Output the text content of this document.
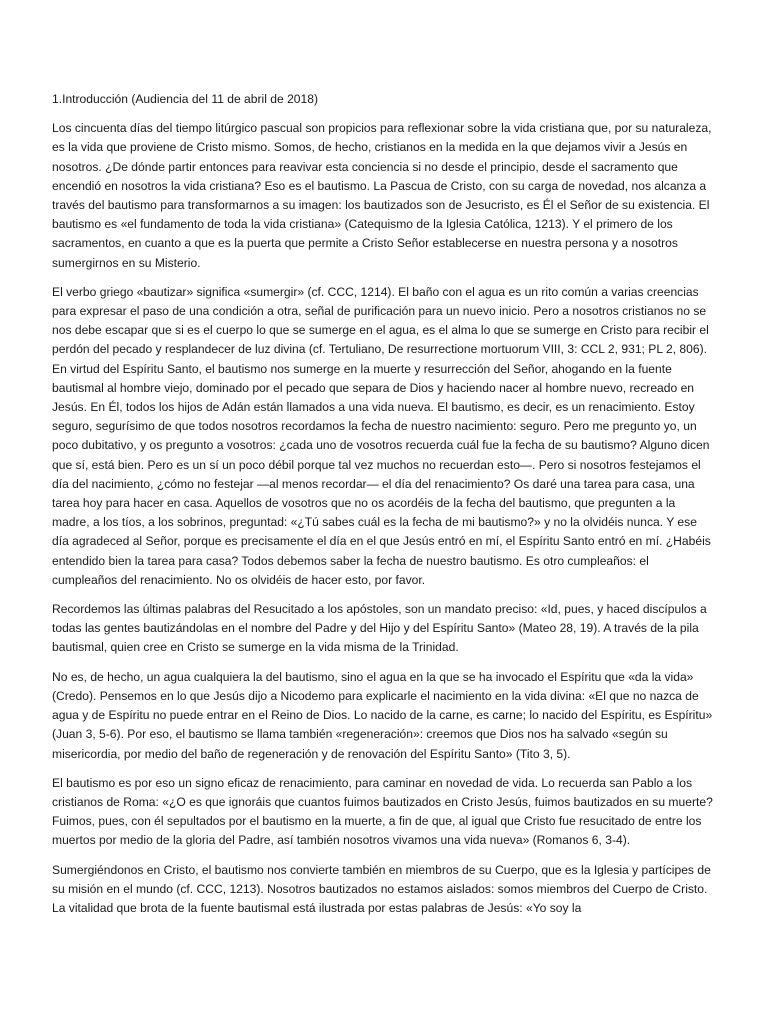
1.Introducción (Audiencia del 11 de abril de 2018)

Los cincuenta días del tiempo litúrgico pascual son propicios para reflexionar sobre la vida cristiana que, por su naturaleza, es la vida que proviene de Cristo mismo. Somos, de hecho, cristianos en la medida en la que dejamos vivir a Jesús en nosotros. ¿De dónde partir entonces para reavivar esta conciencia si no desde el principio, desde el sacramento que encendió en nosotros la vida cristiana? Eso es el bautismo. La Pascua de Cristo, con su carga de novedad, nos alcanza a través del bautismo para transformarnos a su imagen: los bautizados son de Jesucristo, es Él el Señor de su existencia. El bautismo es «el fundamento de toda la vida cristiana» (Catequismo de la Iglesia Católica, 1213). Y el primero de los sacramentos, en cuanto a que es la puerta que permite a Cristo Señor establecerse en nuestra persona y a nosotros sumergirnos en su Misterio.

El verbo griego «bautizar» significa «sumergir» (cf. CCC, 1214). El baño con el agua es un rito común a varias creencias para expresar el paso de una condición a otra, señal de purificación para un nuevo inicio. Pero a nosotros cristianos no se nos debe escapar que si es el cuerpo lo que se sumerge en el agua, es el alma lo que se sumerge en Cristo para recibir el perdón del pecado y resplandecer de luz divina (cf. Tertuliano, De resurrectione mortuorum VIII, 3: CCL 2, 931; PL 2, 806). En virtud del Espíritu Santo, el bautismo nos sumerge en la muerte y resurrección del Señor, ahogando en la fuente bautismal al hombre viejo, dominado por el pecado que separa de Dios y haciendo nacer al hombre nuevo, recreado en Jesús. En Él, todos los hijos de Adán están llamados a una vida nueva. El bautismo, es decir, es un renacimiento. Estoy seguro, segurísimo de que todos nosotros recordamos la fecha de nuestro nacimiento: seguro. Pero me pregunto yo, un poco dubitativo, y os pregunto a vosotros: ¿cada uno de vosotros recuerda cuál fue la fecha de su bautismo? Alguno dicen que sí, está bien. Pero es un sí un poco débil porque tal vez muchos no recuerdan esto—. Pero si nosotros festejamos el día del nacimiento, ¿cómo no festejar —al menos recordar— el día del renacimiento? Os daré una tarea para casa, una tarea hoy para hacer en casa. Aquellos de vosotros que no os acordéis de la fecha del bautismo, que pregunten a la madre, a los tíos, a los sobrinos, preguntad: «¿Tú sabes cuál es la fecha de mi bautismo?» y no la olvidéis nunca. Y ese día agradeced al Señor, porque es precisamente el día en el que Jesús entró en mí, el Espíritu Santo entró en mí. ¿Habéis entendido bien la tarea para casa? Todos debemos saber la fecha de nuestro bautismo. Es otro cumpleaños: el cumpleaños del renacimiento. No os olvidéis de hacer esto, por favor.

Recordemos las últimas palabras del Resucitado a los apóstoles, son un mandato preciso: «Id, pues, y haced discípulos a todas las gentes bautizándolas en el nombre del Padre y del Hijo y del Espíritu Santo» (Mateo 28, 19). A través de la pila bautismal, quien cree en Cristo se sumerge en la vida misma de la Trinidad.

No es, de hecho, un agua cualquiera la del bautismo, sino el agua en la que se ha invocado el Espíritu que «da la vida» (Credo). Pensemos en lo que Jesús dijo a Nicodemo para explicarle el nacimiento en la vida divina: «El que no nazca de agua y de Espíritu no puede entrar en el Reino de Dios. Lo nacido de la carne, es carne; lo nacido del Espíritu, es Espíritu» (Juan 3, 5-6). Por eso, el bautismo se llama también «regeneración»: creemos que Dios nos ha salvado «según su misericordia, por medio del baño de regeneración y de renovación del Espíritu Santo» (Tito 3, 5).

El bautismo es por eso un signo eficaz de renacimiento, para caminar en novedad de vida. Lo recuerda san Pablo a los cristianos de Roma: «¿O es que ignoráis que cuantos fuimos bautizados en Cristo Jesús, fuimos bautizados en su muerte? Fuimos, pues, con él sepultados por el bautismo en la muerte, a fin de que, al igual que Cristo fue resucitado de entre los muertos por medio de la gloria del Padre, así también nosotros vivamos una vida nueva» (Romanos 6, 3-4).

Sumergiéndonos en Cristo, el bautismo nos convierte también en miembros de su Cuerpo, que es la Iglesia y partícipes de su misión en el mundo (cf. CCC, 1213). Nosotros bautizados no estamos aislados: somos miembros del Cuerpo de Cristo. La vitalidad que brota de la fuente bautismal está ilustrada por estas palabras de Jesús: «Yo soy la
